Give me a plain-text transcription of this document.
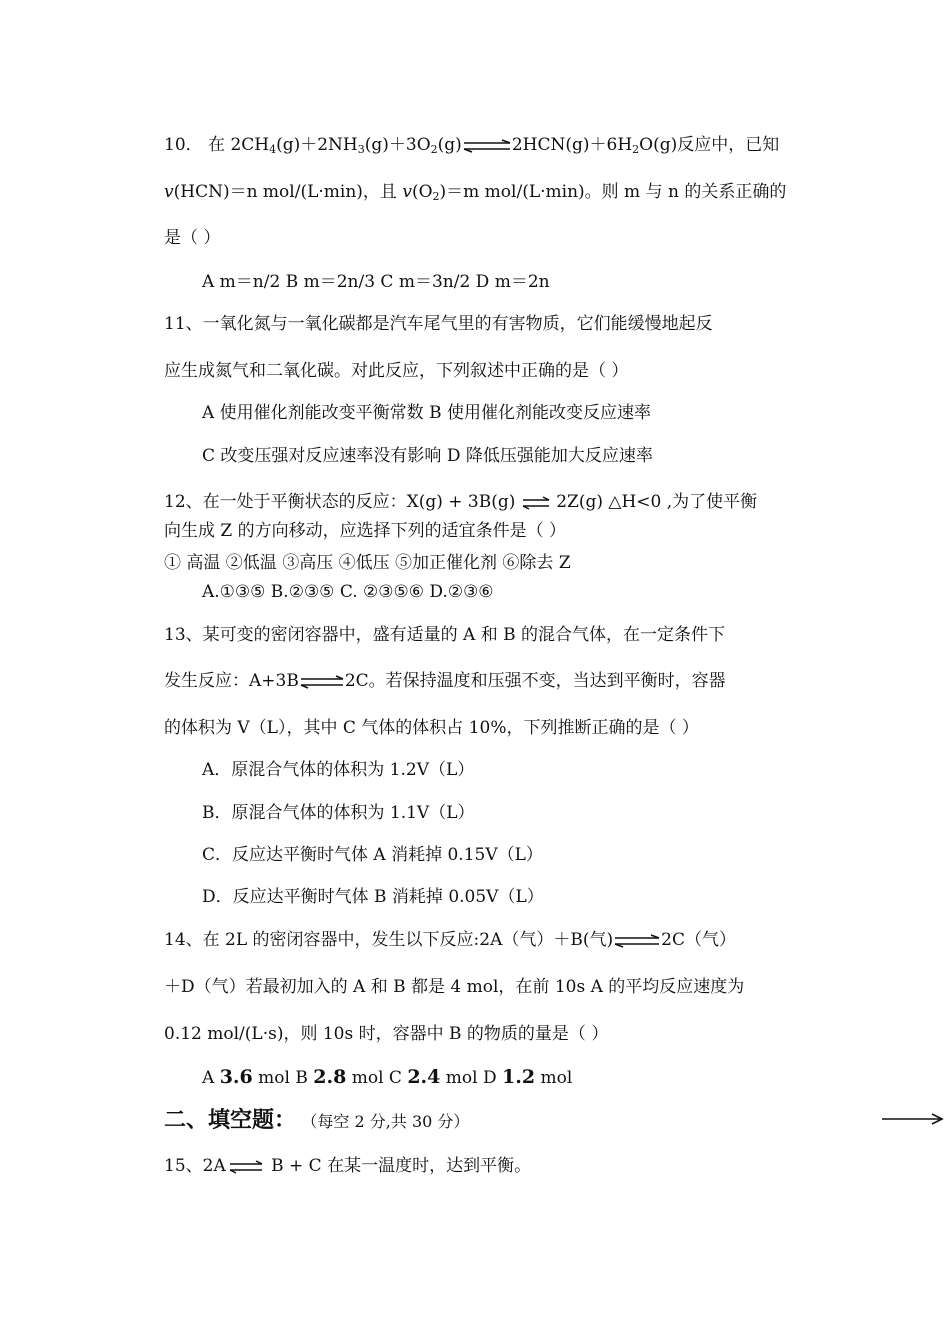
10． 在 $2CH_4(g)+2NH_3(g)+3O_2(g)\rightleftharpoons 2HCN(g)+6H_2O(g)$反应中，已知
v(HCN)＝n mol/(L·min)，且 $v(O_2)=m$ mol/(L·min)。则 m 与 n 的关系正确的
是（ ）
A m＝n/2 B m＝2n/3 C m＝3n/2 D m＝2n
11、一氧化氮与一氧化碳都是汽车尾气里的有害物质，它们能缓慢地起反
应生成氮气和二氧化碳。对此反应，下列叙述中正确的是（ ）
A 使用催化剂能改变平衡常数 B 使用催化剂能改变反应速率
C 改变压强对反应速率没有影响 D 降低压强能加大反应速率
12、在一处于平衡状态的反应：X(g) + 3B(g) ⇌ 2Z(g) △H<0 ,为了使平衡
向生成 Z 的方向移动，应选择下列的适宜条件是（ ）
① 高温 ②低温 ③高压 ④低压 ⑤加正催化剂 ⑥除去 Z
A.①③⑤ B.②③⑤ C. ②③⑤⑥ D.②③⑥
13、某可变的密闭容器中，盛有适量的 A 和 B 的混合气体，在一定条件下
发生反应：A+3B⇌2C。若保持温度和压强不变，当达到平衡时，容器
的体积为 V（L），其中 C 气体的体积占 10%，下列推断正确的是（ ）
A．原混合气体的体积为 1.2V（L）
B．原混合气体的体积为 1.1V（L）
C．反应达平衡时气体 A 消耗掉 0.15V（L）
D．反应达平衡时气体 B 消耗掉 0.05V（L）
14、在 2L 的密闭容器中，发生以下反应:2A（气）＋B(气)⇌2C（气）
＋D（气）若最初加入的 A 和 B 都是 4 mol，在前 10s A 的平均反应速度为
0.12 mol/(L·s)，则 10s 时，容器中 B 的物质的量是（ ）
A 3.6 mol B 2.8 mol C 2.4 mol D 1.2 mol
二、填空题： （每空 2 分,共 30 分）
15、2A⇌ B + C 在某一温度时，达到平衡。
